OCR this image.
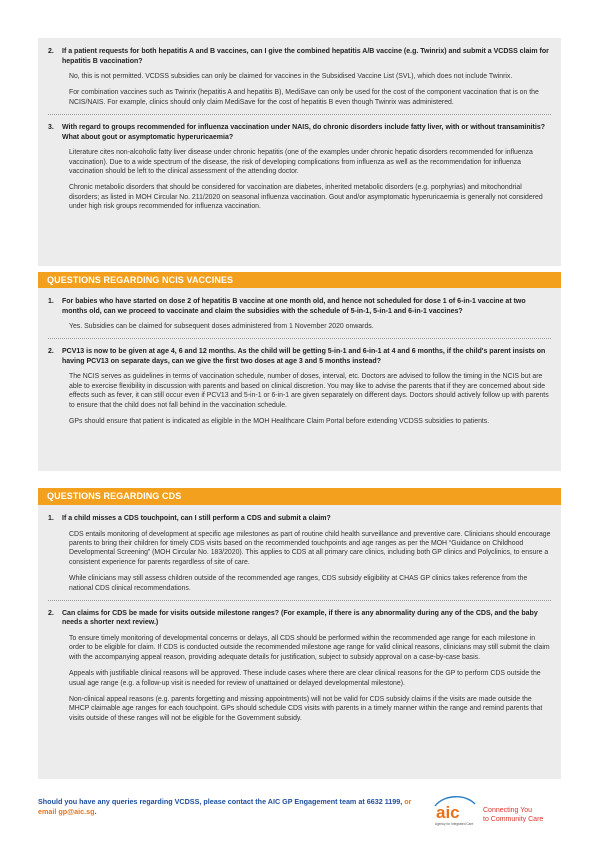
2. If a patient requests for both hepatitis A and B vaccines, can I give the combined hepatitis A/B vaccine (e.g. Twinrix) and submit a VCDSS claim for hepatitis B vaccination?

No, this is not permitted. VCDSS subsidies can only be claimed for vaccines in the Subsidised Vaccine List (SVL), which does not include Twinrix.

For combination vaccines such as Twinrix (hepatitis A and hepatitis B), MediSave can only be used for the cost of the component vaccination that is on the NCIS/NAIS. For example, clinics should only claim MediSave for the cost of hepatitis B even though Twinrix was administered.

3. With regard to groups recommended for influenza vaccination under NAIS, do chronic disorders include fatty liver, with or without transaminitis? What about gout or asymptomatic hyperuricaemia?

Literature cites non-alcoholic fatty liver disease under chronic hepatitis (one of the examples under chronic hepatic disorders recommended for influenza vaccination). Due to a wide spectrum of the disease, the risk of developing complications from influenza as well as the recommendation for influenza vaccination should be left to the clinical assessment of the attending doctor.

Chronic metabolic disorders that should be considered for vaccination are diabetes, inherited metabolic disorders (e.g. porphyrias) and mitochondrial disorders; as listed in MOH Circular No. 211/2020 on seasonal influenza vaccination. Gout and/or asymptomatic hyperuricaemia is generally not considered under high risk groups recommended for influenza vaccination.

QUESTIONS REGARDING NCIS VACCINES
1. For babies who have started on dose 2 of hepatitis B vaccine at one month old, and hence not scheduled for dose 1 of 6-in-1 vaccine at two months old, can we proceed to vaccinate and claim the subsidies with the schedule of 5-in-1, 5-in-1 and 6-in-1 vaccines?

Yes. Subsidies can be claimed for subsequent doses administered from 1 November 2020 onwards.

2. PCV13 is now to be given at age 4, 6 and 12 months. As the child will be getting 5-in-1 and 6-in-1 at 4 and 6 months, if the child's parent insists on having PCV13 on separate days, can we give the first two doses at age 3 and 5 months instead?

The NCIS serves as guidelines in terms of vaccination schedule, number of doses, interval, etc. Doctors are advised to follow the timing in the NCIS but are able to exercise flexibility in discussion with parents and based on clinical discretion. You may like to advise the parents that if they are concerned about side effects such as fever, it can still occur even if PCV13 and 5-in-1 or 6-in-1 are given separately on different days. Doctors should actively follow up with parents to ensure that the child does not fall behind in the vaccination schedule.

GPs should ensure that patient is indicated as eligible in the MOH Healthcare Claim Portal before extending VCDSS subsidies to patients.

QUESTIONS REGARDING CDS
1. If a child misses a CDS touchpoint, can I still perform a CDS and submit a claim?

CDS entails monitoring of development at specific age milestones as part of routine child health surveillance and preventive care. Clinicians should encourage parents to bring their children for timely CDS visits based on the recommended touchpoints and age ranges as per the MOH “Guidance on Childhood Developmental Screening” (MOH Circular No. 183/2020). This applies to CDS at all primary care clinics, including both GP clinics and Polyclinics, to ensure a consistent experience for parents regardless of site of care.

While clinicians may still assess children outside of the recommended age ranges, CDS subsidy eligibility at CHAS GP clinics takes reference from the national CDS clinical recommendations.

2. Can claims for CDS be made for visits outside milestone ranges? (For example, if there is any abnormality during any of the CDS, and the baby needs a shorter next review.)

To ensure timely monitoring of developmental concerns or delays, all CDS should be performed within the recommended age range for each milestone in order to be eligible for claim. If CDS is conducted outside the recommended milestone age range for valid clinical reasons, clinicians may still submit the claim with the accompanying appeal reason, providing adequate details for justification, subject to subsidy approval on a case-by-case basis.

Appeals with justifiable clinical reasons will be approved. These include cases where there are clear clinical reasons for the GP to perform CDS outside the usual age range (e.g. a follow-up visit is needed for review of unattained or delayed developmental milestone).

Non-clinical appeal reasons (e.g. parents forgetting and missing appointments) will not be valid for CDS subsidy claims if the visits are made outside the MHCP claimable age ranges for each touchpoint. GPs should schedule CDS visits with parents in a timely manner within the range and remind parents that visits outside of these ranges will not be eligible for the Government subsidy.

Should you have any queries regarding VCDSS, please contact the AIC GP Engagement team at 6632 1199, or email gp@aic.sg.	aic
Agency for Integrated Care
Connecting You
to Community Care
